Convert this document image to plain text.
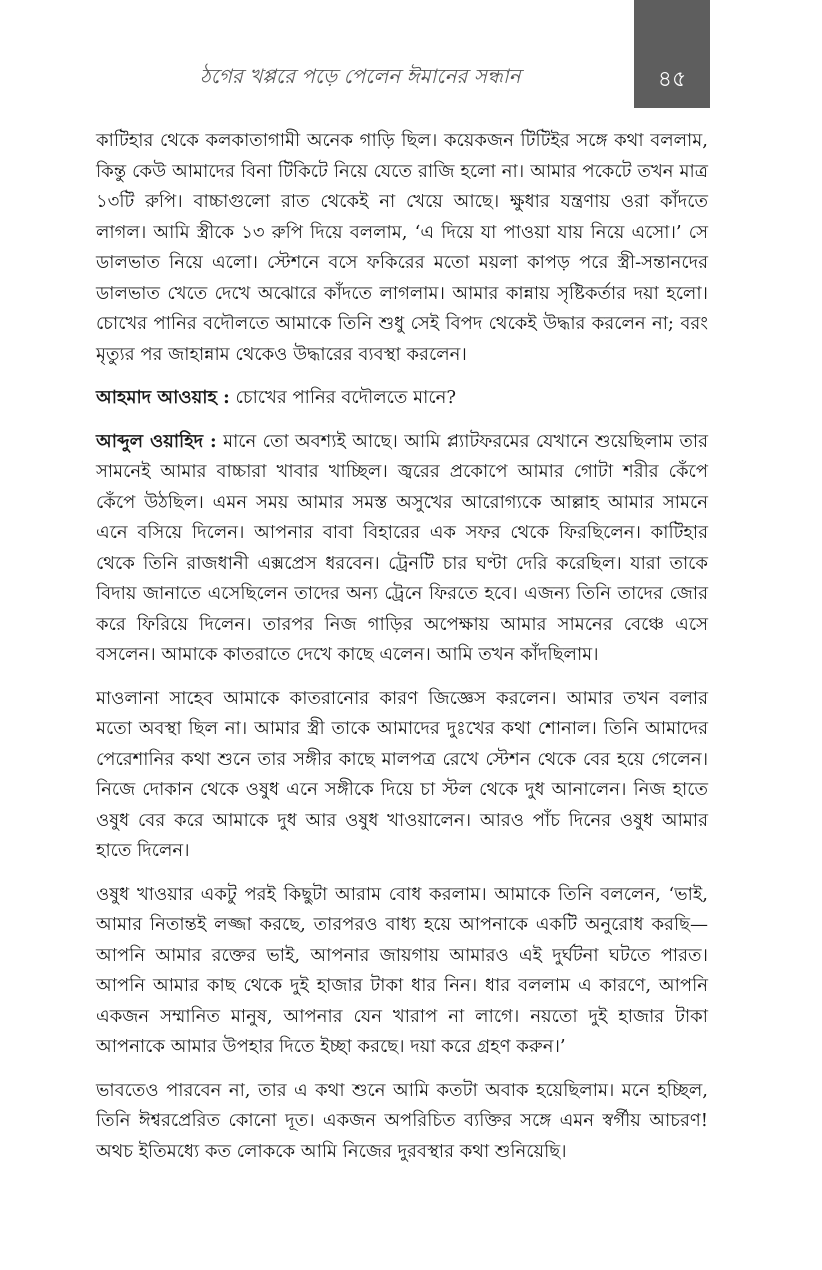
ঠগের খপ্পরে পড়ে পেলেন ঈমানের সন্ধান	৪৫

কাটিহার থেকে কলকাতাগামী অনেক গাড়ি ছিল। কয়েকজন টিটিইর সঙ্গে কথা বললাম, কিন্তু কেউ আমাদের বিনা টিকিটে নিয়ে যেতে রাজি হলো না। আমার পকেটে তখন মাত্র ১৩টি রুপি। বাচ্চাগুলো রাত থেকেই না খেয়ে আছে। ক্ষুধার যন্ত্রণায় ওরা কাঁদতে লাগল। আমি স্ত্রীকে ১৩ রুপি দিয়ে বললাম, ‘এ দিয়ে যা পাওয়া যায় নিয়ে এসো।’ সে ডালভাত নিয়ে এলো। স্টেশনে বসে ফকিরের মতো ময়লা কাপড় পরে স্ত্রী-সন্তানদের ডালভাত খেতে দেখে অঝোরে কাঁদতে লাগলাম। আমার কান্নায় সৃষ্টিকর্তার দয়া হলো। চোখের পানির বদৌলতে আমাকে তিনি শুধু সেই বিপদ থেকেই উদ্ধার করলেন না; বরং মৃত্যুর পর জাহান্নাম থেকেও উদ্ধারের ব্যবস্থা করলেন।

আহমাদ আওয়াহ : চোখের পানির বদৌলতে মানে?

আব্দুল ওয়াহিদ : মানে তো অবশ্যই আছে। আমি প্ল্যাটফরমের যেখানে শুয়েছিলাম তার সামনেই আমার বাচ্চারা খাবার খাচ্ছিল। জ্বরের প্রকোপে আমার গোটা শরীর কেঁপে কেঁপে উঠছিল। এমন সময় আমার সমস্ত অসুখের আরোগ্যকে আল্লাহ আমার সামনে এনে বসিয়ে দিলেন। আপনার বাবা বিহারের এক সফর থেকে ফিরছিলেন। কাটিহার থেকে তিনি রাজধানী এক্সপ্রেস ধরবেন। ট্রেনটি চার ঘণ্টা দেরি করেছিল। যারা তাকে বিদায় জানাতে এসেছিলেন তাদের অন্য ট্রেনে ফিরতে হবে। এজন্য তিনি তাদের জোর করে ফিরিয়ে দিলেন। তারপর নিজ গাড়ির অপেক্ষায় আমার সামনের বেঞ্চে এসে বসলেন। আমাকে কাতরাতে দেখে কাছে এলেন। আমি তখন কাঁদছিলাম।

মাওলানা সাহেব আমাকে কাতরানোর কারণ জিজ্ঞেস করলেন। আমার তখন বলার মতো অবস্থা ছিল না। আমার স্ত্রী তাকে আমাদের দুঃখের কথা শোনাল। তিনি আমাদের পেরেশানির কথা শুনে তার সঙ্গীর কাছে মালপত্র রেখে স্টেশন থেকে বের হয়ে গেলেন। নিজে দোকান থেকে ওষুধ এনে সঙ্গীকে দিয়ে চা স্টল থেকে দুধ আনালেন। নিজ হাতে ওষুধ বের করে আমাকে দুধ আর ওষুধ খাওয়ালেন। আরও পাঁচ দিনের ওষুধ আমার হাতে দিলেন।

ওষুধ খাওয়ার একটু পরই কিছুটা আরাম বোধ করলাম। আমাকে তিনি বললেন, ‘ভাই, আমার নিতান্তই লজ্জা করছে, তারপরও বাধ্য হয়ে আপনাকে একটি অনুরোধ করছি—আপনি আমার রক্তের ভাই, আপনার জায়গায় আমারও এই দুর্ঘটনা ঘটতে পারত। আপনি আমার কাছ থেকে দুই হাজার টাকা ধার নিন। ধার বললাম এ কারণে, আপনি একজন সম্মানিত মানুষ, আপনার যেন খারাপ না লাগে। নয়তো দুই হাজার টাকা আপনাকে আমার উপহার দিতে ইচ্ছা করছে। দয়া করে গ্রহণ করুন।’

ভাবতেও পারবেন না, তার এ কথা শুনে আমি কতটা অবাক হয়েছিলাম। মনে হচ্ছিল, তিনি ঈশ্বরপ্রেরিত কোনো দূত। একজন অপরিচিত ব্যক্তির সঙ্গে এমন স্বর্গীয় আচরণ! অথচ ইতিমধ্যে কত লোককে আমি নিজের দুরবস্থার কথা শুনিয়েছি।
